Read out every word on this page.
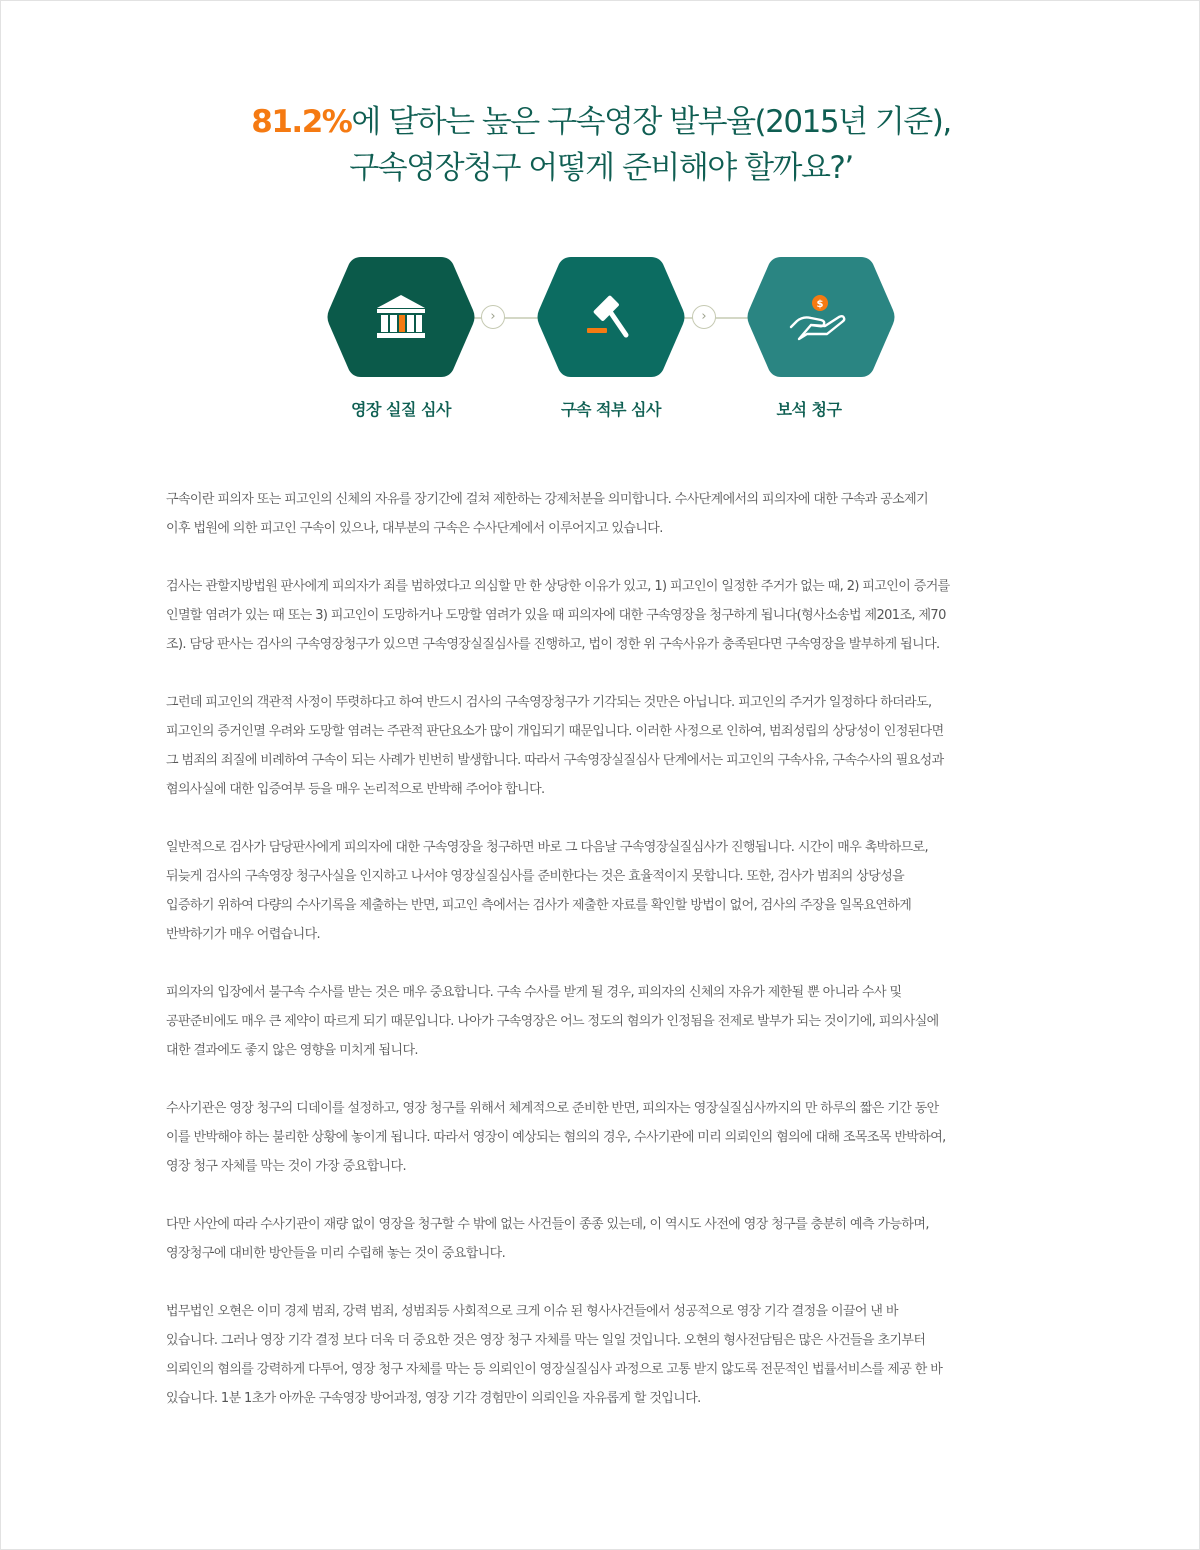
81.2%에 달하는 높은 구속영장 발부율(2015년 기준),
구속영장청구 어떻게 준비해야 할까요?’
›	›
$
영장 실질 심사	구속 적부 심사	보석 청구

구속이란 피의자 또는 피고인의 신체의 자유를 장기간에 걸쳐 제한하는 강제처분을 의미합니다. 수사단계에서의 피의자에 대한 구속과 공소제기
이후 법원에 의한 피고인 구속이 있으나, 대부분의 구속은 수사단계에서 이루어지고 있습니다.

검사는 관할지방법원 판사에게 피의자가 죄를 범하였다고 의심할 만 한 상당한 이유가 있고, 1) 피고인이 일정한 주거가 없는 때, 2) 피고인이 증거를
인멸할 염려가 있는 때 또는 3) 피고인이 도망하거나 도망할 염려가 있을 때 피의자에 대한 구속영장을 청구하게 됩니다(형사소송법 제201조, 제70
조). 담당 판사는 검사의 구속영장청구가 있으면 구속영장실질심사를 진행하고, 법이 정한 위 구속사유가 충족된다면 구속영장을 발부하게 됩니다.

그런데 피고인의 객관적 사정이 뚜렷하다고 하여 반드시 검사의 구속영장청구가 기각되는 것만은 아닙니다. 피고인의 주거가 일정하다 하더라도,
피고인의 증거인멸 우려와 도망할 염려는 주관적 판단요소가 많이 개입되기 때문입니다. 이러한 사정으로 인하여, 범죄성립의 상당성이 인정된다면
그 범죄의 죄질에 비례하여 구속이 되는 사례가 빈번히 발생합니다. 따라서 구속영장실질심사 단계에서는 피고인의 구속사유, 구속수사의 필요성과
혐의사실에 대한 입증여부 등을 매우 논리적으로 반박해 주어야 합니다.

일반적으로 검사가 담당판사에게 피의자에 대한 구속영장을 청구하면 바로 그 다음날 구속영장실질심사가 진행됩니다. 시간이 매우 촉박하므로,
뒤늦게 검사의 구속영장 청구사실을 인지하고 나서야 영장실질심사를 준비한다는 것은 효율적이지 못합니다. 또한, 검사가 범죄의 상당성을
입증하기 위하여 다량의 수사기록을 제출하는 반면, 피고인 측에서는 검사가 제출한 자료를 확인할 방법이 없어, 검사의 주장을 일목요연하게
반박하기가 매우 어렵습니다.

피의자의 입장에서 불구속 수사를 받는 것은 매우 중요합니다. 구속 수사를 받게 될 경우, 피의자의 신체의 자유가 제한될 뿐 아니라 수사 및
공판준비에도 매우 큰 제약이 따르게 되기 때문입니다. 나아가 구속영장은 어느 정도의 혐의가 인정됨을 전제로 발부가 되는 것이기에, 피의사실에
대한 결과에도 좋지 않은 영향을 미치게 됩니다.

수사기관은 영장 청구의 디데이를 설정하고, 영장 청구를 위해서 체계적으로 준비한 반면, 피의자는 영장실질심사까지의 만 하루의 짧은 기간 동안
이를 반박해야 하는 불리한 상황에 놓이게 됩니다. 따라서 영장이 예상되는 혐의의 경우, 수사기관에 미리 의뢰인의 혐의에 대해 조목조목 반박하여,
영장 청구 자체를 막는 것이 가장 중요합니다.

다만 사안에 따라 수사기관이 재량 없이 영장을 청구할 수 밖에 없는 사건들이 종종 있는데, 이 역시도 사전에 영장 청구를 충분히 예측 가능하며,
영장청구에 대비한 방안들을 미리 수립해 놓는 것이 중요합니다.

법무법인 오현은 이미 경제 범죄, 강력 범죄, 성범죄등 사회적으로 크게 이슈 된 형사사건들에서 성공적으로 영장 기각 결정을 이끌어 낸 바
있습니다. 그러나 영장 기각 결정 보다 더욱 더 중요한 것은 영장 청구 자체를 막는 일일 것입니다. 오현의 형사전담팀은 많은 사건들을 초기부터
의뢰인의 혐의를 강력하게 다투어, 영장 청구 자체를 막는 등 의뢰인이 영장실질심사 과정으로 고통 받지 않도록 전문적인 법률서비스를 제공 한 바
있습니다. 1분 1초가 아까운 구속영장 방어과정, 영장 기각 경험만이 의뢰인을 자유롭게 할 것입니다.
